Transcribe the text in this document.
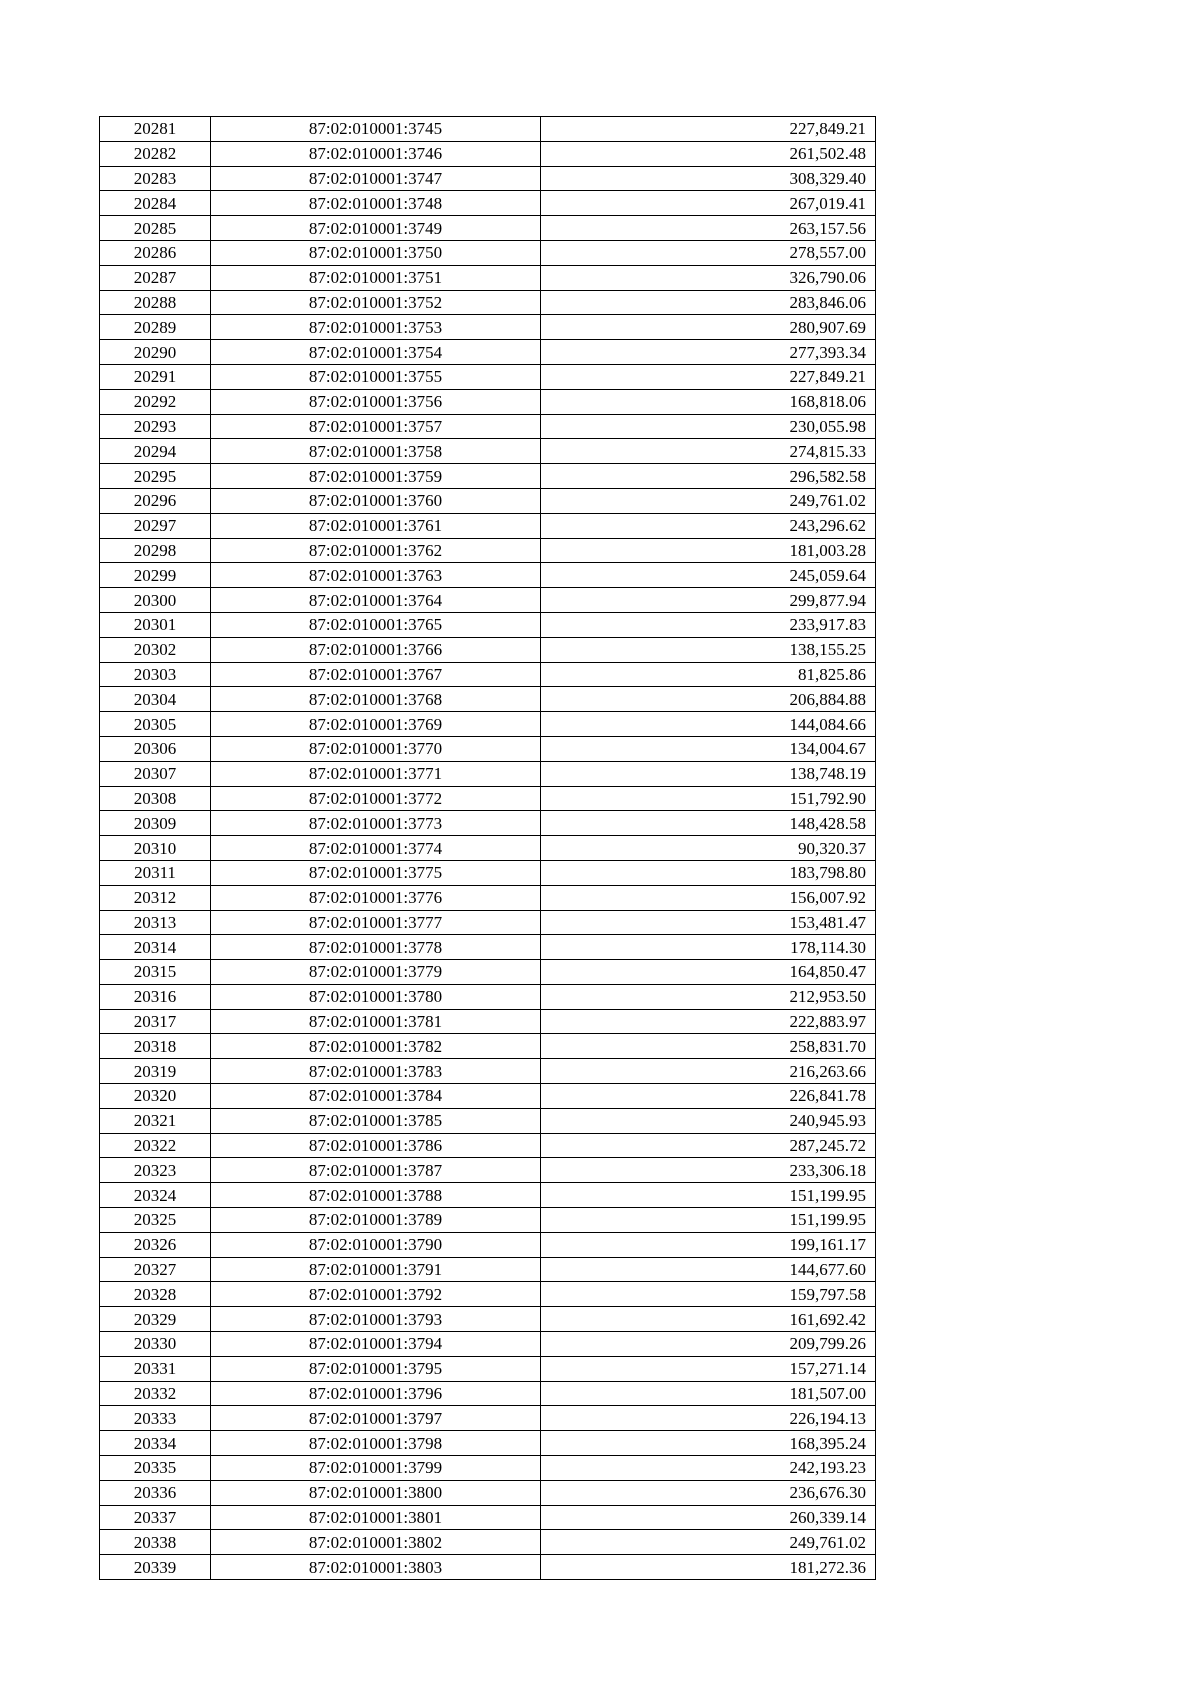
20281	87:02:010001:3745	227,849.21
20282	87:02:010001:3746	261,502.48
20283	87:02:010001:3747	308,329.40
20284	87:02:010001:3748	267,019.41
20285	87:02:010001:3749	263,157.56
20286	87:02:010001:3750	278,557.00
20287	87:02:010001:3751	326,790.06
20288	87:02:010001:3752	283,846.06
20289	87:02:010001:3753	280,907.69
20290	87:02:010001:3754	277,393.34
20291	87:02:010001:3755	227,849.21
20292	87:02:010001:3756	168,818.06
20293	87:02:010001:3757	230,055.98
20294	87:02:010001:3758	274,815.33
20295	87:02:010001:3759	296,582.58
20296	87:02:010001:3760	249,761.02
20297	87:02:010001:3761	243,296.62
20298	87:02:010001:3762	181,003.28
20299	87:02:010001:3763	245,059.64
20300	87:02:010001:3764	299,877.94
20301	87:02:010001:3765	233,917.83
20302	87:02:010001:3766	138,155.25
20303	87:02:010001:3767	81,825.86
20304	87:02:010001:3768	206,884.88
20305	87:02:010001:3769	144,084.66
20306	87:02:010001:3770	134,004.67
20307	87:02:010001:3771	138,748.19
20308	87:02:010001:3772	151,792.90
20309	87:02:010001:3773	148,428.58
20310	87:02:010001:3774	90,320.37
20311	87:02:010001:3775	183,798.80
20312	87:02:010001:3776	156,007.92
20313	87:02:010001:3777	153,481.47
20314	87:02:010001:3778	178,114.30
20315	87:02:010001:3779	164,850.47
20316	87:02:010001:3780	212,953.50
20317	87:02:010001:3781	222,883.97
20318	87:02:010001:3782	258,831.70
20319	87:02:010001:3783	216,263.66
20320	87:02:010001:3784	226,841.78
20321	87:02:010001:3785	240,945.93
20322	87:02:010001:3786	287,245.72
20323	87:02:010001:3787	233,306.18
20324	87:02:010001:3788	151,199.95
20325	87:02:010001:3789	151,199.95
20326	87:02:010001:3790	199,161.17
20327	87:02:010001:3791	144,677.60
20328	87:02:010001:3792	159,797.58
20329	87:02:010001:3793	161,692.42
20330	87:02:010001:3794	209,799.26
20331	87:02:010001:3795	157,271.14
20332	87:02:010001:3796	181,507.00
20333	87:02:010001:3797	226,194.13
20334	87:02:010001:3798	168,395.24
20335	87:02:010001:3799	242,193.23
20336	87:02:010001:3800	236,676.30
20337	87:02:010001:3801	260,339.14
20338	87:02:010001:3802	249,761.02
20339	87:02:010001:3803	181,272.36
